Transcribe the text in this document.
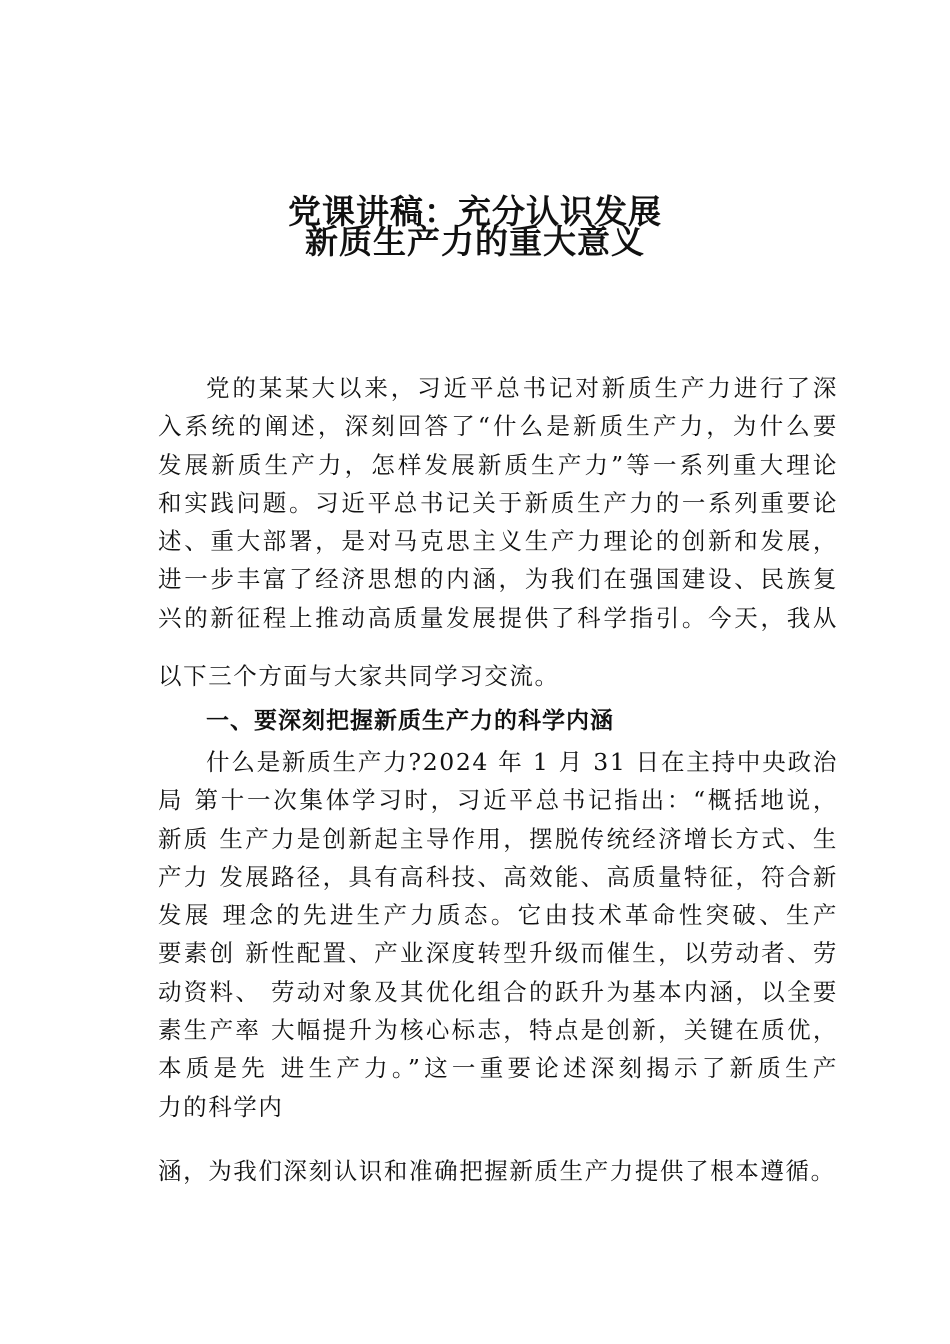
党课讲稿：充分认识发展
新质生产力的重大意义
党的某某大以来，习近平总书记对新质生产力进行了深
入系统的阐述，深刻回答了“什么是新质生产力，为什么要
发展新质生产力，怎样发展新质生产力”等一系列重大理论
和实践问题。习近平总书记关于新质生产力的一系列重要论
述、重大部署，是对马克思主义生产力理论的创新和发展，
进一步丰富了经济思想的内涵，为我们在强国建设、民族复
兴的新征程上推动高质量发展提供了科学指引。今天，我从
以下三个方面与大家共同学习交流。
一、要深刻把握新质生产力的科学内涵
什么是新质生产力?2024 年 1 月 31 日在主持中央政治
局 第十一次集体学习时，习近平总书记指出：“概括地说，
新质 生产力是创新起主导作用，摆脱传统经济增长方式、生
产力 发展路径，具有高科技、高效能、高质量特征，符合新
发展 理念的先进生产力质态。它由技术革命性突破、生产
要素创 新性配置、产业深度转型升级而催生，以劳动者、劳
动资料、 劳动对象及其优化组合的跃升为基本内涵，以全要
素生产率 大幅提升为核心标志，特点是创新，关键在质优，
本质是先 进生产力。”这一重要论述深刻揭示了新质生产
力的科学内
涵，为我们深刻认识和准确把握新质生产力提供了根本遵循。
